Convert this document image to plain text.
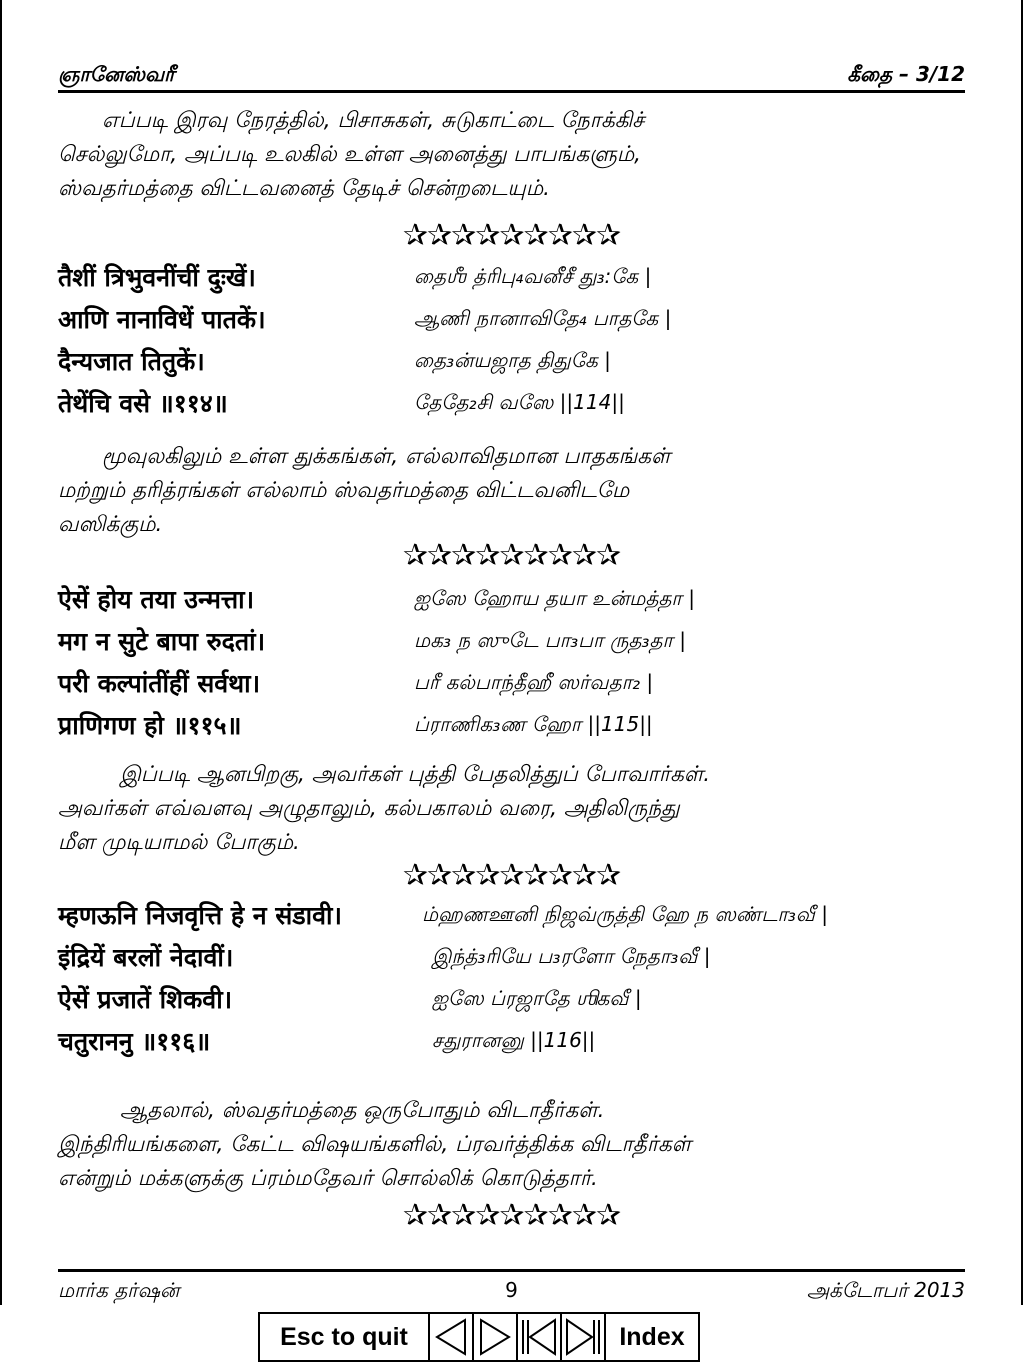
ஞானேஸ்வரீ	கீதை – 3/12
எப்படி இரவு நேரத்தில், பிசாசுகள், சுடுகாட்டை நோக்கிச்
செல்லுமோ, அப்படி உலகில் உள்ள அனைத்து பாபங்களும்,
ஸ்வதர்மத்தை விட்டவனைத் தேடிச் சென்றடையும்.
✰✰✰✰✰✰✰✰✰
तैशीं त्रिभुवनींचीं दुःखें।	தைஶீ த்ரிபு₄வனீசீ து₃:கே |
आणि नानाविधें पातकें।	ஆணி நானாவிதே₄ பாதகே |
दैन्यजात तितुकें।	தை₃ன்யஜாத திதுகே |
तेथेंचि वसे ॥११४॥	தேதே₂சி வஸே ||114||
மூவுலகிலும் உள்ள துக்கங்கள், எல்லாவிதமான பாதகங்கள்
மற்றும் தரித்ரங்கள் எல்லாம் ஸ்வதர்மத்தை விட்டவனிடமே
வஸிக்கும்.
✰✰✰✰✰✰✰✰✰
ऐसें होय तया उन्मत्ता।	ஐஸே ஹோய தயா உன்மத்தா |
मग न सुटे बापा रुदतां।	மக₃ ந ஸுடே பா₃பா ருத₃தா |
परी कल्पांतींहीं सर्वथा।	பரீ கல்பாந்தீஹீ ஸர்வதா₂ |
प्राणिगण हो ॥११५॥	ப்ராணிக₃ண ஹோ ||115||
இப்படி ஆனபிறகு, அவர்கள் புத்தி பேதலித்துப் போவார்கள்.
அவர்கள் எவ்வளவு அழுதாலும், கல்பகாலம் வரை, அதிலிருந்து
மீள முடியாமல் போகும்.
✰✰✰✰✰✰✰✰✰
म्हणऊनि निजवृत्ति हे न संडावी।	ம்ஹணஊனி நிஜவ்ருத்தி ஹே ந ஸண்டா₃வீ |
इंद्रियें बरलों नेदावीं।	இந்த்₃ரியே ப₃ரளோ நேதா₃வீ |
ऐसें प्रजातें शिकवी।	ஐஸே ப்ரஜாதே ஶிகவீ |
चतुराननु ॥११६॥	சதுரானனு ||116||
ஆதலால், ஸ்வதர்மத்தை ஒருபோதும் விடாதீர்கள்.
இந்திரியங்களை, கேட்ட விஷயங்களில், ப்ரவர்த்திக்க விடாதீர்கள்
என்றும் மக்களுக்கு ப்ரம்மதேவர் சொல்லிக் கொடுத்தார்.
✰✰✰✰✰✰✰✰✰
மார்க தர்ஷன்	9	அக்டோபர் 2013
Esc to quit	Index
